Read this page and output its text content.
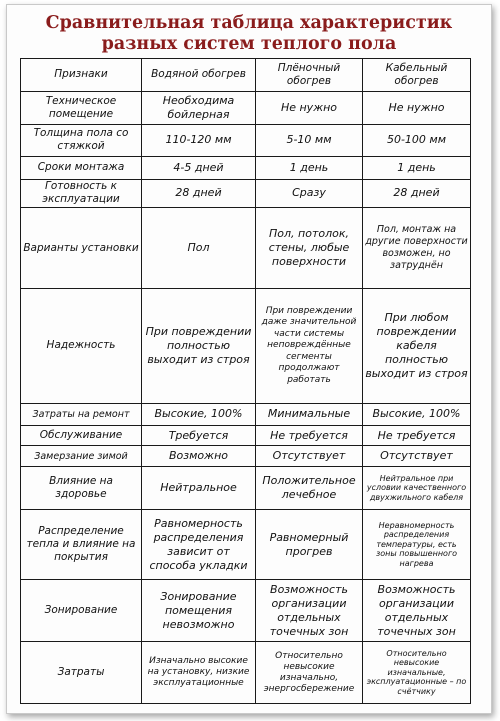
Сравнительная таблица характеристик
разных систем теплого пола
Признаки	Водяной обогрев	Плёночный обогрев	Кабельный обогрев
Техническое помещение	Необходима бойлерная	Не нужно	Не нужно
Толщина пола со стяжкой	110-120 мм	5-10 мм	50-100 мм
Сроки монтажа	4-5 дней	1 день	1 день
Готовность к эксплуатации	28 дней	Сразу	28 дней
Варианты установки	Пол	Пол, потолок, стены, любые поверхности	Пол, монтаж на другие поверхности возможен, но затруднён
Надежность	При повреждении полностью выходит из строя	При повреждении даже значительной части системы неповреждённые сегменты продолжают работать	При любом повреждении кабеля полностью выходит из строя
Затраты на ремонт	Высокие, 100%	Минимальные	Высокие, 100%
Обслуживание	Требуется	Не требуется	Не требуется
Замерзание зимой	Возможно	Отсутствует	Отсутствует
Влияние на здоровье	Нейтральное	Положительное лечебное	Нейтральное при условии качественного двухжильного кабеля
Распределение тепла и влияние на покрытия	Равномерность распределения зависит от способа укладки	Равномерный прогрев	Неравномерность распределения температуры, есть зоны повышенного нагрева
Зонирование	Зонирование помещения невозможно	Возможность организации отдельных точечных зон	Возможность организации отдельных точечных зон
Затраты	Изначально высокие на установку, низкие эксплуатационные	Относительно невысокие изначально, энергосбережение	Относительно невысокие изначальные, эксплуатационные – по счётчику
